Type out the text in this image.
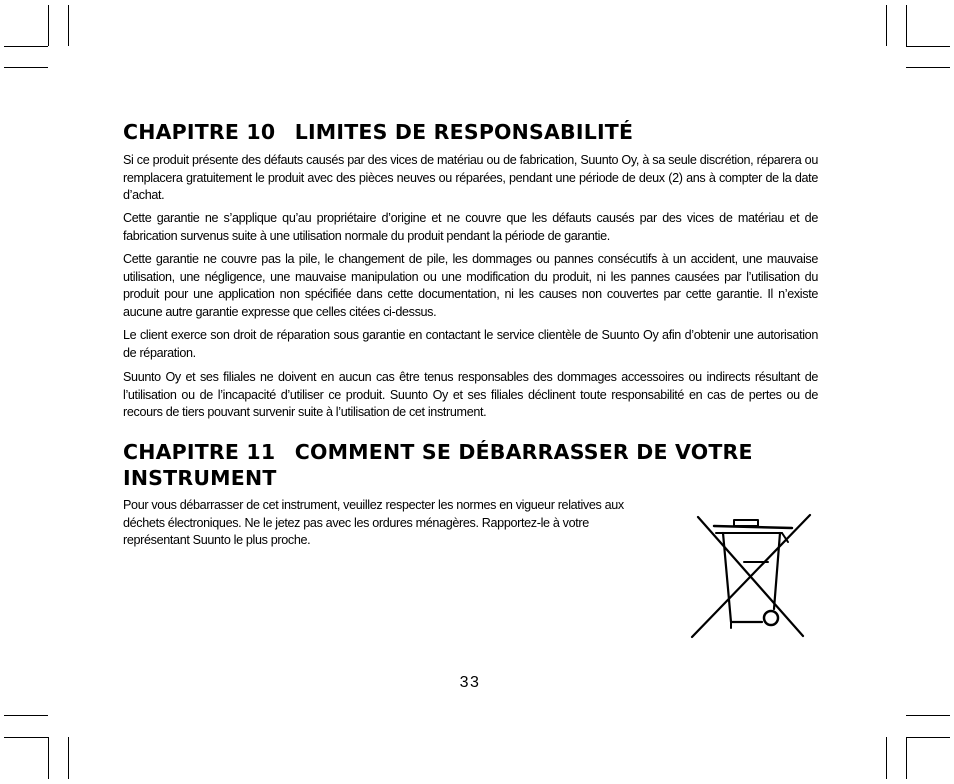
CHAPITRE 10 LIMITES DE RESPONSABILITÉ

Si ce produit présente des défauts causés par des vices de matériau ou de fabrication, Suunto Oy, à sa seule discrétion, réparera ou remplacera gratuitement le produit avec des pièces neuves ou réparées, pendant une période de deux (2) ans à compter de la date d’achat.

Cette garantie ne s’applique qu’au propriétaire d’origine et ne couvre que les défauts causés par des vices de matériau et de fabrication survenus suite à une utilisation normale du produit pendant la période de garantie.

Cette garantie ne couvre pas la pile, le changement de pile, les dommages ou pannes consécutifs à un accident, une mauvaise utilisation, une négligence, une mauvaise manipulation ou une modification du produit, ni les pannes causées par l’utilisation du produit pour une application non spécifiée dans cette documentation, ni les causes non couvertes par cette garantie. Il n’existe aucune autre garantie expresse que celles citées ci-dessus.

Le client exerce son droit de réparation sous garantie en contactant le service clientèle de Suunto Oy afin d’obtenir une autorisation de réparation.

Suunto Oy et ses filiales ne doivent en aucun cas être tenus responsables des dommages accessoires ou indirects résultant de l’utilisation ou de l’incapacité d’utiliser ce produit. Suunto Oy et ses filiales déclinent toute responsabilité en cas de pertes ou de recours de tiers pouvant survenir suite à l’utilisation de cet instrument.

CHAPITRE 11 COMMENT SE DÉBARRASSER DE VOTRE
INSTRUMENT

Pour vous débarrasser de cet instrument, veuillez respecter les normes en vigueur relatives aux déchets électroniques. Ne le jetez pas avec les ordures ménagères. Rapportez-le à votre représentant Suunto le plus proche.

33
